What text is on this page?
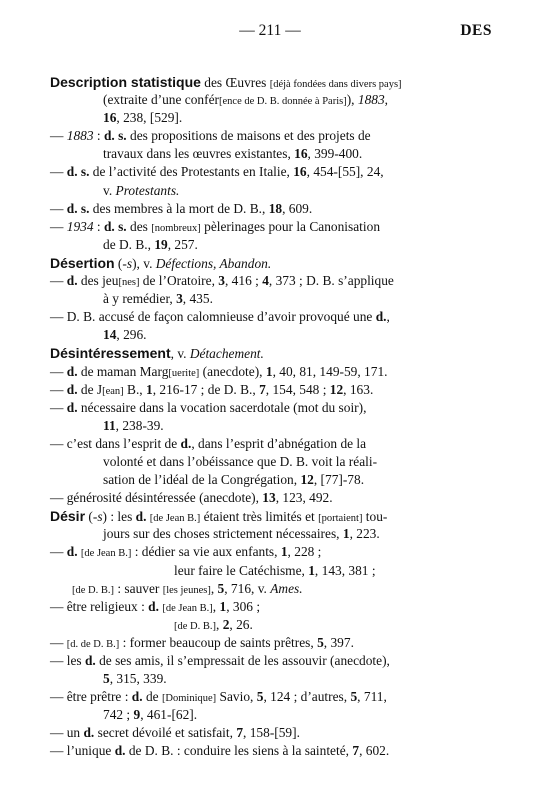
— 211 —	DES
Description statistique des Œuvres [déjà fondées dans divers pays]
(extraite d’une confér[ence de D. B. donnée à Paris]), 1883,
16, 238, [529].
— 1883 : d. s. des propositions de maisons et des projets de
travaux dans les œuvres existantes, 16, 399-400.
— d. s. de l’activité des Protestants en Italie, 16, 454-[55], 24,
v. Protestants.
— d. s. des membres à la mort de D. B., 18, 609.
— 1934 : d. s. des [nombreux] pèlerinages pour la Canonisation
de D. B., 19, 257.
Désertion (-s), v. Défections, Abandon.
— d. des jeu[nes] de l’Oratoire, 3, 416 ; 4, 373 ; D. B. s’applique
à y remédier, 3, 435.
— D. B. accusé de façon calomnieuse d’avoir provoqué une d.,
14, 296.
Désintéressement, v. Détachement.
— d. de maman Marg[uerite] (anecdote), 1, 40, 81, 149-59, 171.
— d. de J[ean] B., 1, 216-17 ; de D. B., 7, 154, 548 ; 12, 163.
— d. nécessaire dans la vocation sacerdotale (mot du soir),
11, 238-39.
— c’est dans l’esprit de d., dans l’esprit d’abnégation de la
volonté et dans l’obéissance que D. B. voit la réali-
sation de l’idéal de la Congrégation, 12, [77]-78.
— générosité désintéressée (anecdote), 13, 123, 492.
Désir (-s) : les d. [de Jean B.] étaient très limités et [portaient] tou-
jours sur des choses strictement nécessaires, 1, 223.
— d. [de Jean B.] : dédier sa vie aux enfants, 1, 228 ;
leur faire le Catéchisme, 1, 143, 381 ;
[de D. B.] : sauver [les jeunes], 5, 716, v. Ames.
— être religieux : d. [de Jean B.], 1, 306 ;
[de D. B.], 2, 26.
— [d. de D. B.] : former beaucoup de saints prêtres, 5, 397.
— les d. de ses amis, il s’empressait de les assouvir (anecdote),
5, 315, 339.
— être prêtre : d. de [Dominique] Savio, 5, 124 ; d’autres, 5, 711,
742 ; 9, 461-[62].
— un d. secret dévoilé et satisfait, 7, 158-[59].
— l’unique d. de D. B. : conduire les siens à la sainteté, 7, 602.
